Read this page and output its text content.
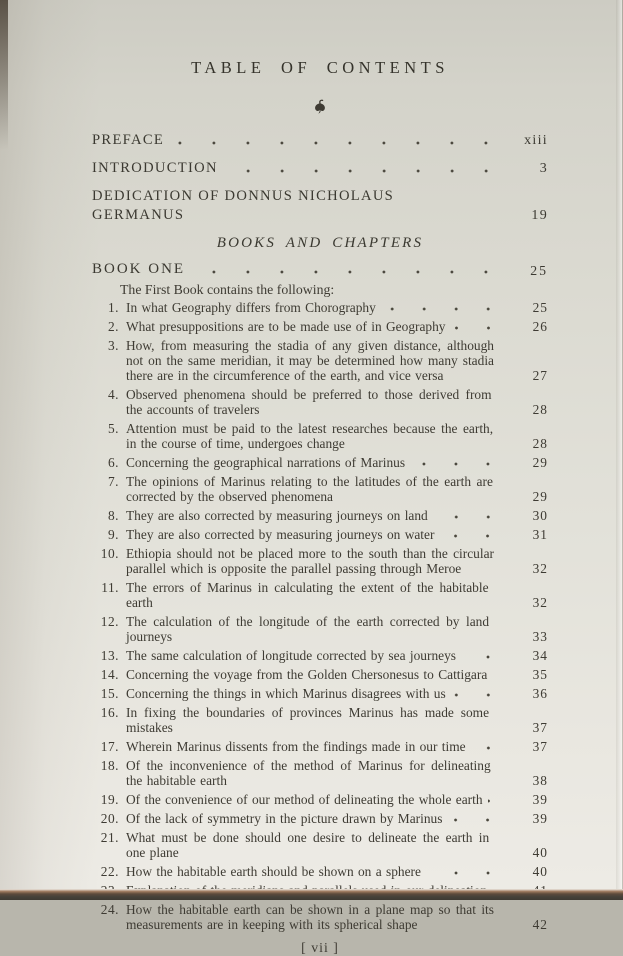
TABLE OF CONTENTS
PREFACE	xiii
INTRODUCTION	3
DEDICATION OF DONNUS NICHOLAUS GERMANUS	19
BOOKS AND CHAPTERS
BOOK ONE	25
The First Book contains the following:
1. In what Geography differs from Chorography	25
2. What presuppositions are to be made use of in Geography	26
3. How, from measuring the stadia of any given distance, although not on the same meridian, it may be determined how many stadia there are in the circumference of the earth, and vice versa	27
4. Observed phenomena should be preferred to those derived from the accounts of travelers	28
5. Attention must be paid to the latest researches because the earth, in the course of time, undergoes change	28
6. Concerning the geographical narrations of Marinus	29
7. The opinions of Marinus relating to the latitudes of the earth are corrected by the observed phenomena	29
8. They are also corrected by measuring journeys on land	30
9. They are also corrected by measuring journeys on water	31
10. Ethiopia should not be placed more to the south than the circular parallel which is opposite the parallel passing through Meroe	32
11. The errors of Marinus in calculating the extent of the habitable earth	32
12. The calculation of the longitude of the earth corrected by land journeys	33
13. The same calculation of longitude corrected by sea journeys	34
14. Concerning the voyage from the Golden Chersonesus to Cattigara	35
15. Concerning the things in which Marinus disagrees with us	36
16. In fixing the boundaries of provinces Marinus has made some mistakes	37
17. Wherein Marinus dissents from the findings made in our time	37
18. Of the inconvenience of the method of Marinus for delineating the habitable earth	38
19. Of the convenience of our method of delineating the whole earth	39
20. Of the lack of symmetry in the picture drawn by Marinus	39
21. What must be done should one desire to delineate the earth in one plane	40
22. How the habitable earth should be shown on a sphere	40
24. How the habitable earth can be shown in a plane map so that its measurements are in keeping with its spherical shape	42
[ vii ]
